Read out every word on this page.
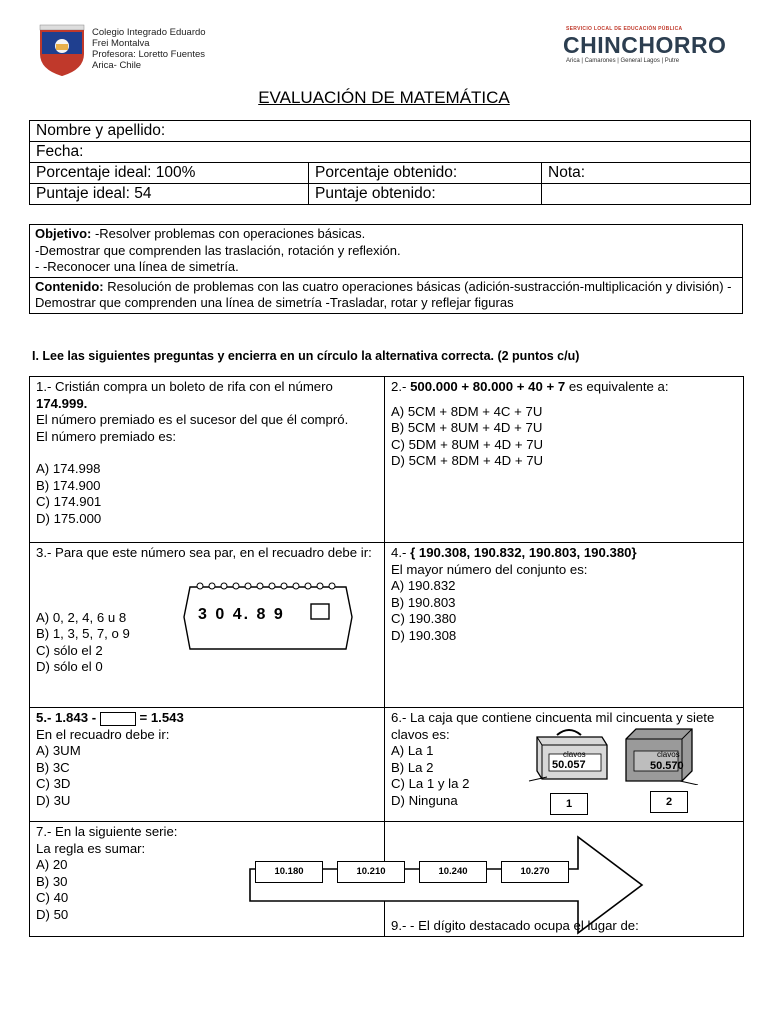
Colegio Integrado Eduardo
Frei Montalva
Profesora: Loretto Fuentes
Arica- Chile
SERVICIO LOCAL DE EDUCACIÓN PÚBLICA
CHINCHORRO
Arica | Camarones | General Lagos | Putre
EVALUACIÓN DE MATEMÁTICA
Nombre y apellido:		
Fecha:		
Porcentaje ideal: 100%	Porcentaje obtenido:	Nota:
Puntaje ideal: 54	Puntaje obtenido:	
Objetivo: -Resolver problemas con operaciones básicas.
-Demostrar que comprenden las traslación, rotación y reflexión.
- -Reconocer una línea de simetría.
Contenido: Resolución de problemas con las cuatro operaciones básicas (adición-sustracción-multiplicación y división) - Demostrar que comprenden una línea de simetría -Trasladar, rotar y reflejar figuras
I. Lee las siguientes preguntas y encierra en un círculo la alternativa correcta. (2 puntos c/u)
1.- Cristián compra un boleto de rifa con el número 174.999.
El número premiado es el sucesor del que él compró.
El número premiado es:
A) 174.998
B) 174.900
C) 174.901
D) 175.000
2.- 500.000 + 80.000 + 40 + 7 es equivalente a:
A) 5CM + 8DM + 4C + 7U
B) 5CM + 8UM + 4D + 7U
C) 5DM + 8UM + 4D + 7U
D) 5CM + 8DM + 4D + 7U
3.- Para que este número sea par, en el recuadro debe ir:
A) 0, 2, 4, 6 u 8
B) 1, 3, 5, 7, o 9
C) sólo el 2
D) sólo el 0
3 0 4. 8 9
4.- { 190.308, 190.832, 190.803, 190.380}
El mayor número del conjunto es:
A) 190.832
B) 190.803
C) 190.380
D) 190.308
5.- 1.843 -	= 1.543
En el recuadro debe ir:
A) 3UM
B) 3C
C) 3D
D) 3U
6.- La caja que contiene cincuenta mil cincuenta y siete clavos es:
A) La 1
B) La 2
C) La 1 y la 2
D) Ninguna
clavos
50.057
clavos
50.570
1	2
7.- En la siguiente serie:
La regla es sumar:
A) 20
B) 30
C) 40
D) 50
10.180	10.210	10.240	10.270
9.- - El dígito destacado ocupa el lugar de:
